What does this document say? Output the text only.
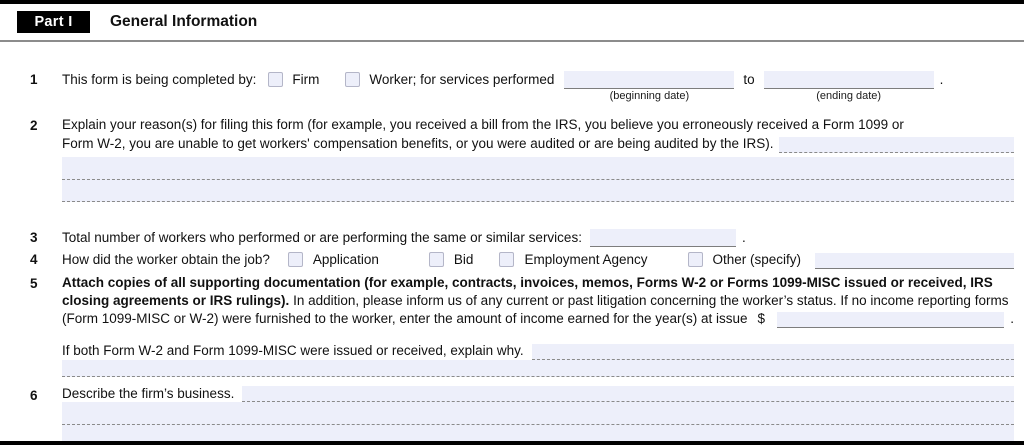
Part I General Information
1 This form is being completed by:	Firm	Worker; for services performed
(beginning date)
to
(ending date)
.
2 Explain your reason(s) for filing this form (for example, you received a bill from the IRS, you believe you erroneously received a Form 1099 or
Form W-2, you are unable to get workers' compensation benefits, or you were audited or are being audited by the IRS).
3 Total number of workers who performed or are performing the same or similar services:	.
4 How did the worker obtain the job?	Application	Bid	Employment Agency	Other (specify)
5 Attach copies of all supporting documentation (for example, contracts, invoices, memos, Forms W-2 or Forms 1099-MISC issued or received, IRS
closing agreements or IRS rulings). In addition, please inform us of any current or past litigation concerning the worker’s status. If no income reporting forms
(Form 1099-MISC or W-2) were furnished to the worker, enter the amount of income earned for the year(s) at issue $	.
If both Form W-2 and Form 1099-MISC were issued or received, explain why.
6 Describe the firm’s business.
